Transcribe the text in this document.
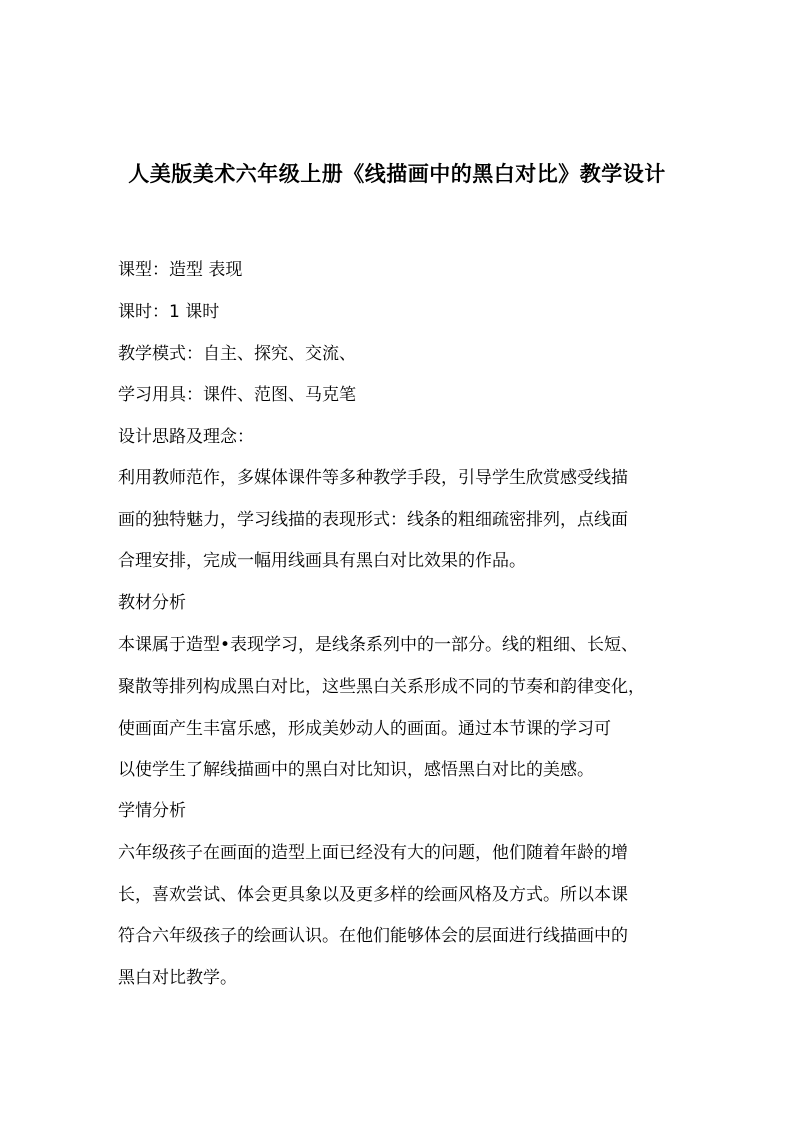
人美版美术六年级上册《线描画中的黑白对比》教学设计
课型：造型 表现
课时：1 课时
教学模式：自主、探究、交流、
学习用具：课件、范图、马克笔
设计思路及理念：
利用教师范作，多媒体课件等多种教学手段，引导学生欣赏感受线描
画的独特魅力，学习线描的表现形式：线条的粗细疏密排列，点线面
合理安排，完成一幅用线画具有黑白对比效果的作品。
教材分析
本课属于造型•表现学习，是线条系列中的一部分。线的粗细、长短、
聚散等排列构成黑白对比，这些黑白关系形成不同的节奏和韵律变化，
使画面产生丰富乐感，形成美妙动人的画面。通过本节课的学习可
以使学生了解线描画中的黑白对比知识，感悟黑白对比的美感。
学情分析
六年级孩子在画面的造型上面已经没有大的问题，他们随着年龄的增
长，喜欢尝试、体会更具象以及更多样的绘画风格及方式。所以本课
符合六年级孩子的绘画认识。在他们能够体会的层面进行线描画中的
黑白对比教学。
